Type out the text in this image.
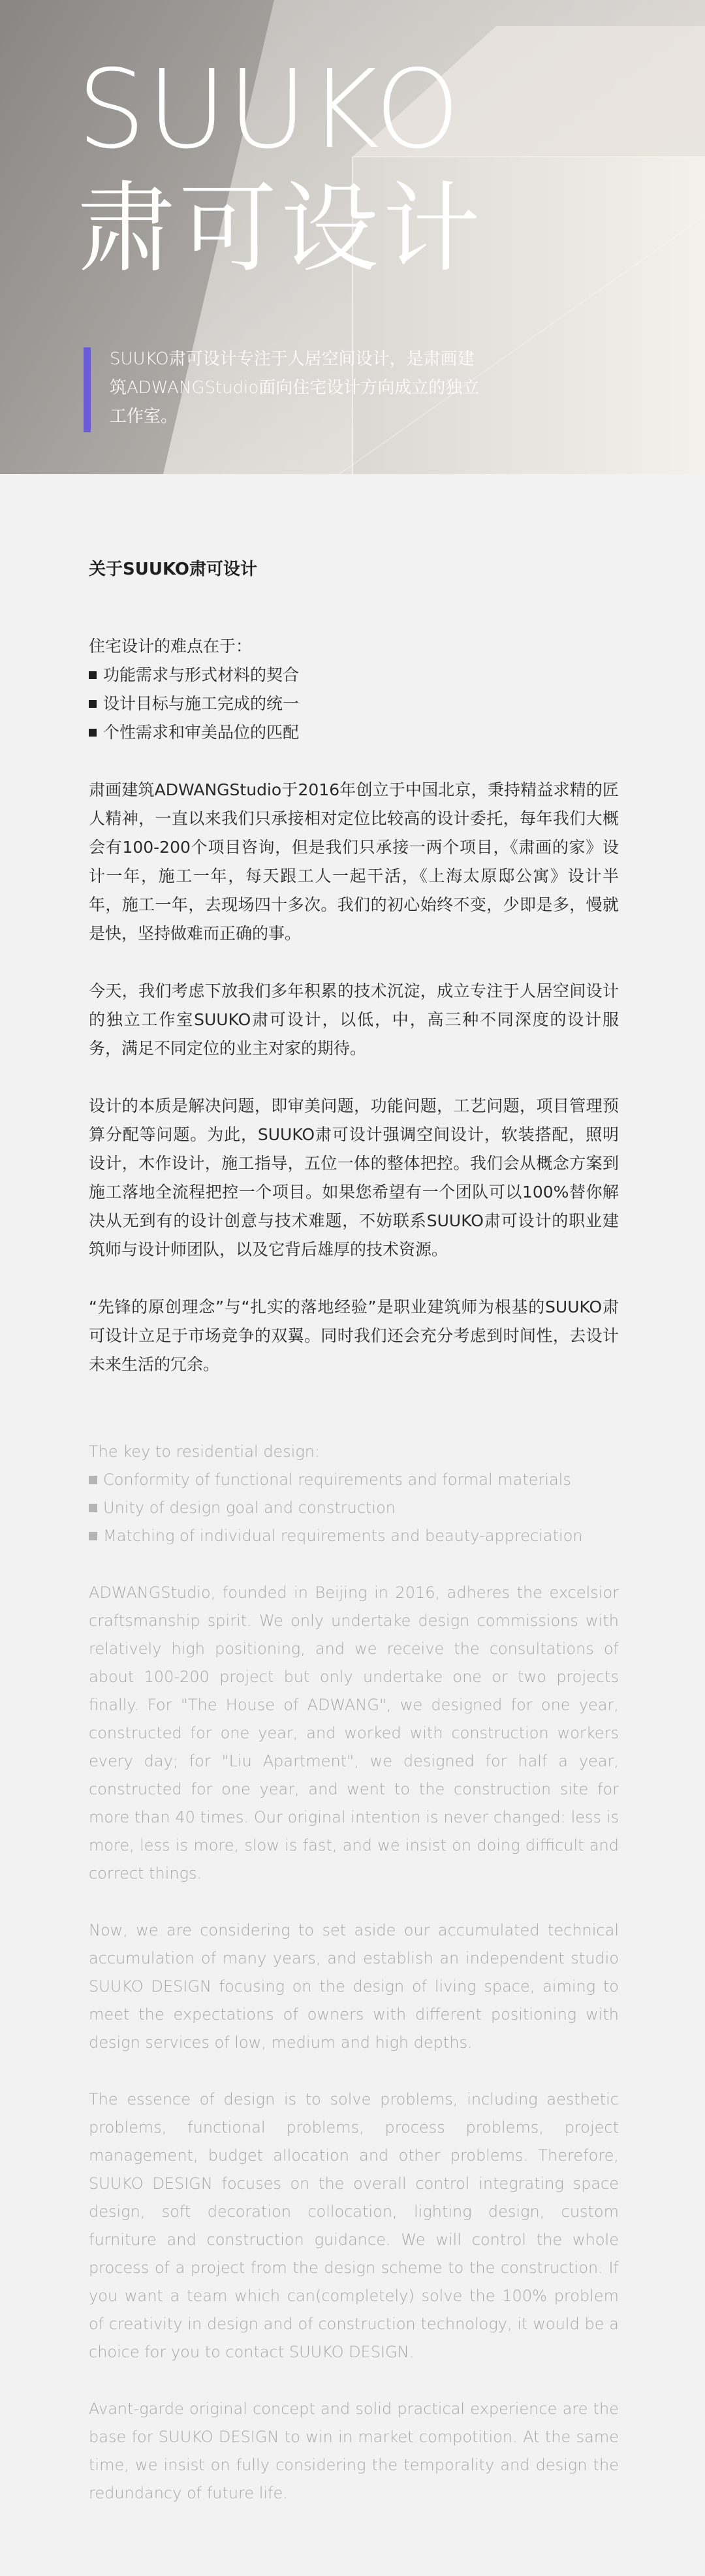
SUUKO
肃可设计

SUUKO肃可设计专注于人居空间设计，是肃画建筑ADWANGStudio面向住宅设计方向成立的独立工作室。

关于SUUKO肃可设计

住宅设计的难点在于：

功能需求与形式材料的契合
设计目标与施工完成的统一
个性需求和审美品位的匹配

肃画建筑ADWANGStudio于2016年创立于中国北京，秉持精益求精的匠人精神，一直以来我们只承接相对定位比较高的设计委托，每年我们大概会有100-200个项目咨询，但是我们只承接一两个项目，《肃画的家》设计一年，施工一年，每天跟工人一起干活，《上海太原邸公寓》设计半年，施工一年，去现场四十多次。我们的初心始终不变，少即是多，慢就是快，坚持做难而正确的事。

今天，我们考虑下放我们多年积累的技术沉淀，成立专注于人居空间设计的独立工作室SUUKO肃可设计，以低，中，高三种不同深度的设计服务，满足不同定位的业主对家的期待。

设计的本质是解决问题，即审美问题，功能问题，工艺问题，项目管理预算分配等问题。为此，SUUKO肃可设计强调空间设计，软装搭配，照明设计，木作设计，施工指导，五位一体的整体把控。我们会从概念方案到施工落地全流程把控一个项目。如果您希望有一个团队可以100%替你解决从无到有的设计创意与技术难题，不妨联系SUUKO肃可设计的职业建筑师与设计师团队，以及它背后雄厚的技术资源。

“先锋的原创理念”与“扎实的落地经验”是职业建筑师为根基的SUUKO肃可设计立足于市场竞争的双翼。同时我们还会充分考虑到时间性，去设计未来生活的冗余。

The key to residential design:

Conformity of functional requirements and formal materials
Unity of design goal and construction
Matching of individual requirements and beauty-appreciation

ADWANGStudio, founded in Beijing in 2016, adheres the excelsior craftsmanship spirit. We only undertake design commissions with relatively high positioning, and we receive the consultations of about 100-200 project but only undertake one or two projects finally. For "The House of ADWANG", we designed for one year, constructed for one year, and worked with construction workers every day; for "Liu Apartment", we designed for half a year, constructed for one year, and went to the construction site for more than 40 times. Our original intention is never changed: less is more, less is more, slow is fast, and we insist on doing difficult and correct things.

Now, we are considering to set aside our accumulated technical accumulation of many years, and establish an independent studio SUUKO DESIGN focusing on the design of living space, aiming to meet the expectations of owners with different positioning with design services of low, medium and high depths.

The essence of design is to solve problems, including aesthetic problems, functional problems, process problems, project management, budget allocation and other problems. Therefore, SUUKO DESIGN focuses on the overall control integrating space design, soft decoration collocation, lighting design, custom furniture and construction guidance. We will control the whole process of a project from the design scheme to the construction. If you want a team which can(completely) solve the 100% problem of creativity in design and of construction technology, it would be a choice for you to contact SUUKO DESIGN.

Avant-garde original concept and solid practical experience are the base for SUUKO DESIGN to win in market compotition. At the same time, we insist on fully considering the temporality and design the redundancy of future life.
